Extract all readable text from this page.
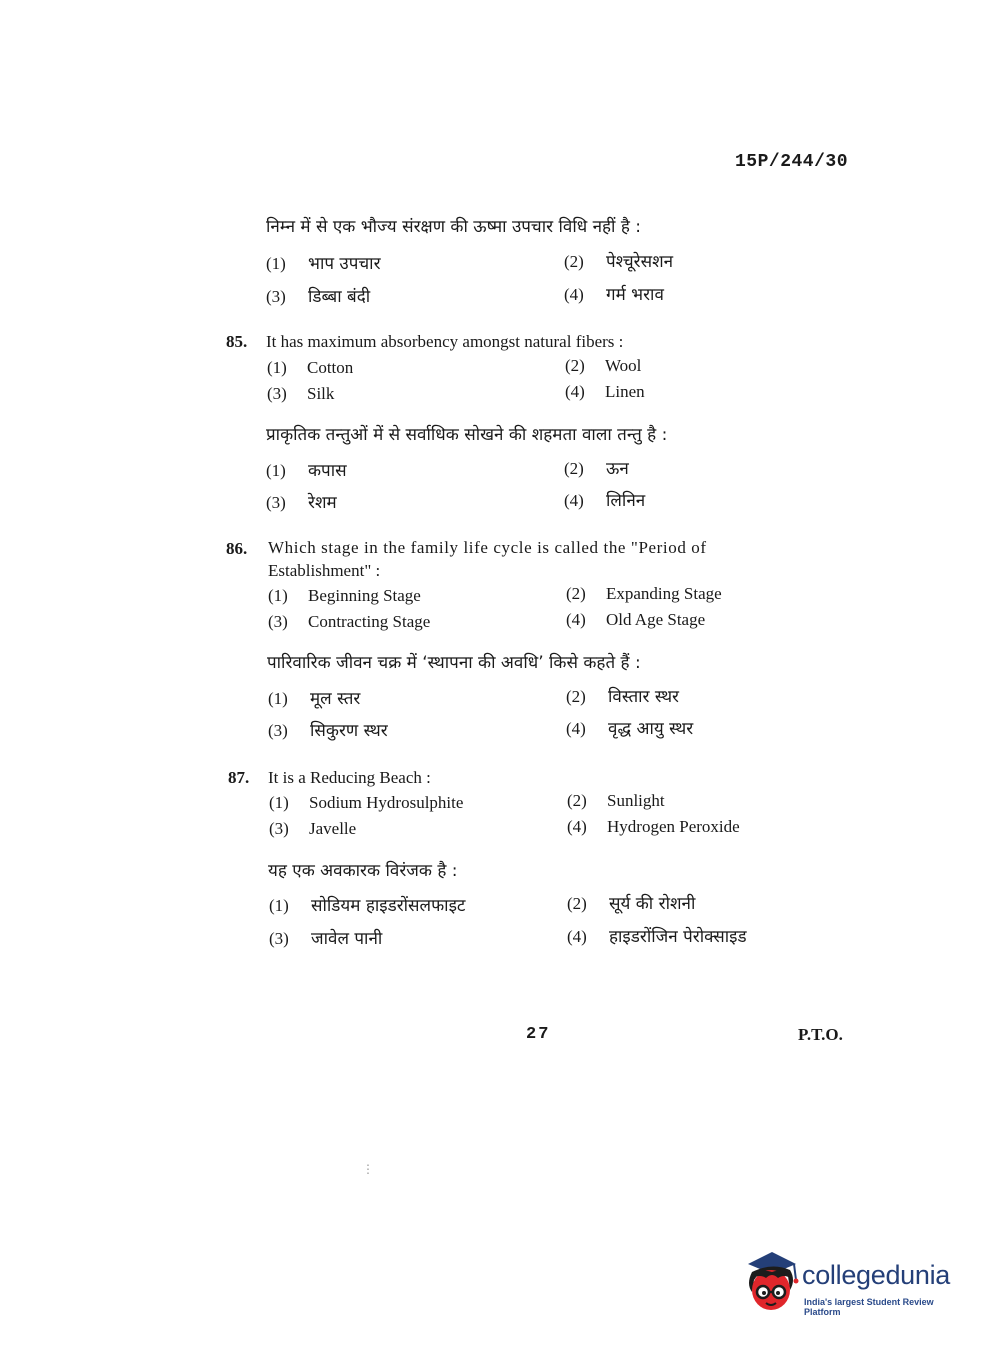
15P/244/30
निम्न में से एक भौज्य संरक्षण की ऊष्मा उपचार विधि नहीं है :
(1) भाप उपचार	(2) पेश्चूरेसशन
(3) डिब्बा बंदी	(4) गर्म भराव
85. It has maximum absorbency amongst natural fibers :
(1) Cotton	(2) Wool
(3) Silk	(4) Linen
प्राकृतिक तन्तुओं में से सर्वाधिक सोखने की शहमता वाला तन्तु है :
(1) कपास	(2) ऊन
(3) रेशम	(4) लिनिन
86. Which stage in the family life cycle is called the "Period of
Establishment" :
(1) Beginning Stage	(2) Expanding Stage
(3) Contracting Stage	(4) Old Age Stage
पारिवारिक जीवन चक्र में ‘स्थापना की अवधि’ किसे कहते हैं :
(1) मूल स्तर	(2) विस्तार स्थर
(3) सिकुरण स्थर	(4) वृद्ध आयु स्थर
87. It is a Reducing Beach :
(1) Sodium Hydrosulphite	(2) Sunlight
(3) Javelle	(4) Hydrogen Peroxide
यह एक अवकारक विरंजक है :
(1) सोडियम हाइडरोंसलफाइट	(2) सूर्य की रोशनी
(3) जावेल पानी	(4) हाइडरोंजिन पेरोक्साइड
27	P.T.O.
⋮
collegedunia
India's largest Student Review Platform
